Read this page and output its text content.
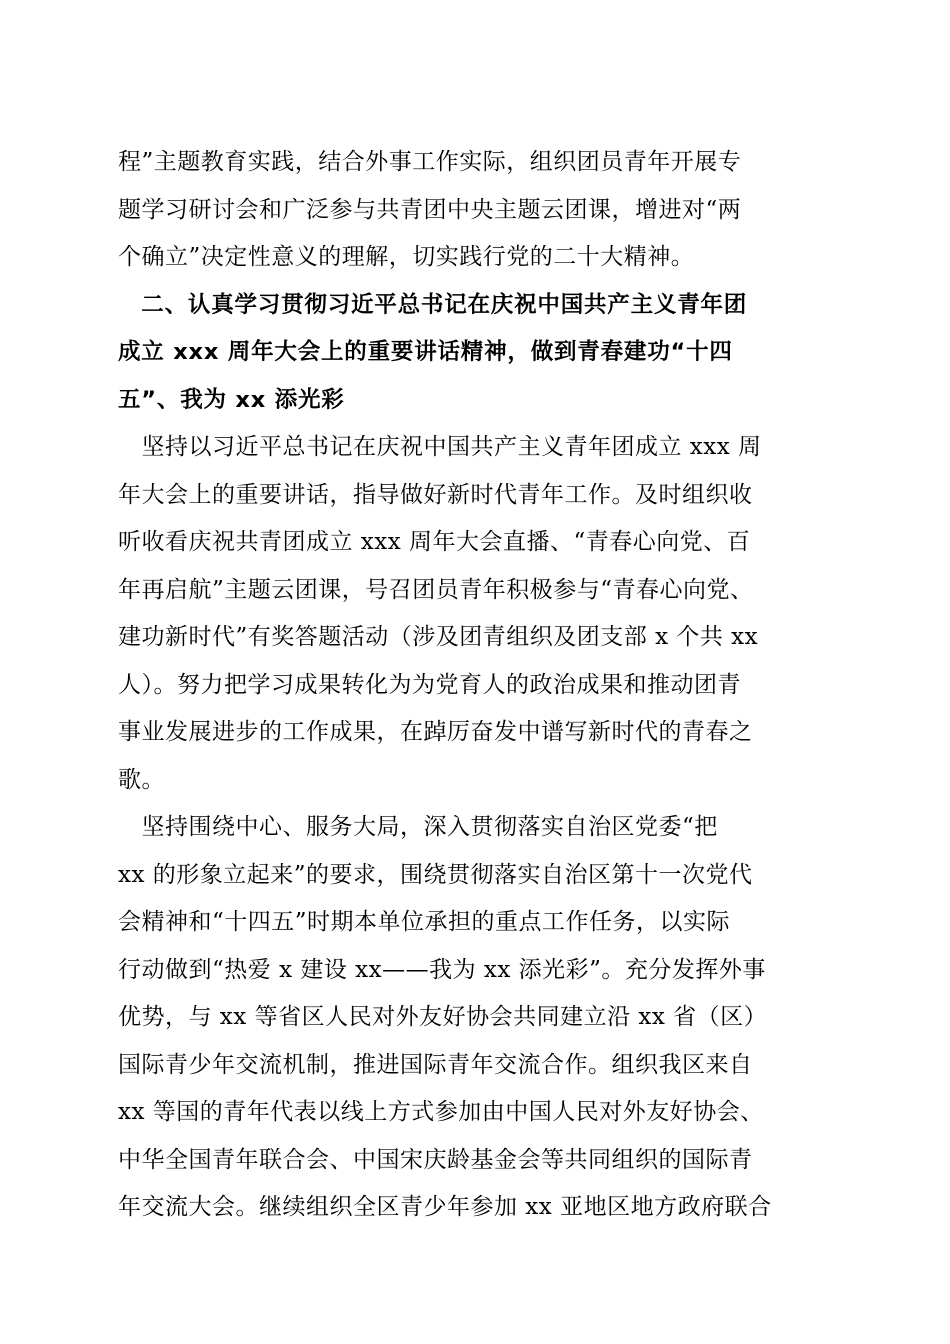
程”主题教育实践，结合外事工作实际，组织团员青年开展专
题学习研讨会和广泛参与共青团中央主题云团课，增进对“两
个确立”决定性意义的理解，切实践行党的二十大精神。
　二、认真学习贯彻习近平总书记在庆祝中国共产主义青年团
成立 xxx 周年大会上的重要讲话精神，做到青春建功“十四
五”、我为 xx 添光彩
　坚持以习近平总书记在庆祝中国共产主义青年团成立 xxx 周
年大会上的重要讲话，指导做好新时代青年工作。及时组织收
听收看庆祝共青团成立 xxx 周年大会直播、“青春心向党、百
年再启航”主题云团课，号召团员青年积极参与“青春心向党、
建功新时代”有奖答题活动（涉及团青组织及团支部 x 个共 xx
人）。努力把学习成果转化为为党育人的政治成果和推动团青
事业发展进步的工作成果，在踔厉奋发中谱写新时代的青春之
歌。
　坚持围绕中心、服务大局，深入贯彻落实自治区党委“把
xx 的形象立起来”的要求，围绕贯彻落实自治区第十一次党代
会精神和“十四五”时期本单位承担的重点工作任务，以实际
行动做到“热爱 x 建设 xx——我为 xx 添光彩”。充分发挥外事
优势，与 xx 等省区人民对外友好协会共同建立沿 xx 省（区）
国际青少年交流机制，推进国际青年交流合作。组织我区来自
xx 等国的青年代表以线上方式参加由中国人民对外友好协会、
中华全国青年联合会、中国宋庆龄基金会等共同组织的国际青
年交流大会。继续组织全区青少年参加 xx 亚地区地方政府联合
